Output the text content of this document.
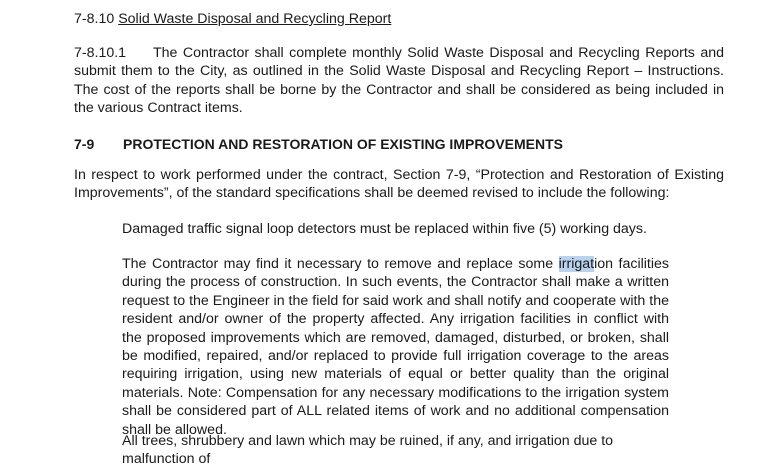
7-8.10 Solid Waste Disposal and Recycling Report
7-8.10.1 The Contractor shall complete monthly Solid Waste Disposal and Recycling Reports and submit them to the City, as outlined in the Solid Waste Disposal and Recycling Report – Instructions. The cost of the reports shall be borne by the Contractor and shall be considered as being included in the various Contract items.
7-9 PROTECTION AND RESTORATION OF EXISTING IMPROVEMENTS
In respect to work performed under the contract, Section 7-9, “Protection and Restoration of Existing Improvements”, of the standard specifications shall be deemed revised to include the following:
Damaged traffic signal loop detectors must be replaced within five (5) working days.
The Contractor may find it necessary to remove and replace some irrigation facilities during the process of construction. In such events, the Contractor shall make a written request to the Engineer in the field for said work and shall notify and cooperate with the resident and/or owner of the property affected. Any irrigation facilities in conflict with the proposed improvements which are removed, damaged, disturbed, or broken, shall be modified, repaired, and/or replaced to provide full irrigation coverage to the areas requiring irrigation, using new materials of equal or better quality than the original materials. Note: Compensation for any necessary modifications to the irrigation system shall be considered part of ALL related items of work and no additional compensation shall be allowed.
All trees, shrubbery and lawn which may be ruined, if any, and irrigation due to malfunction of
